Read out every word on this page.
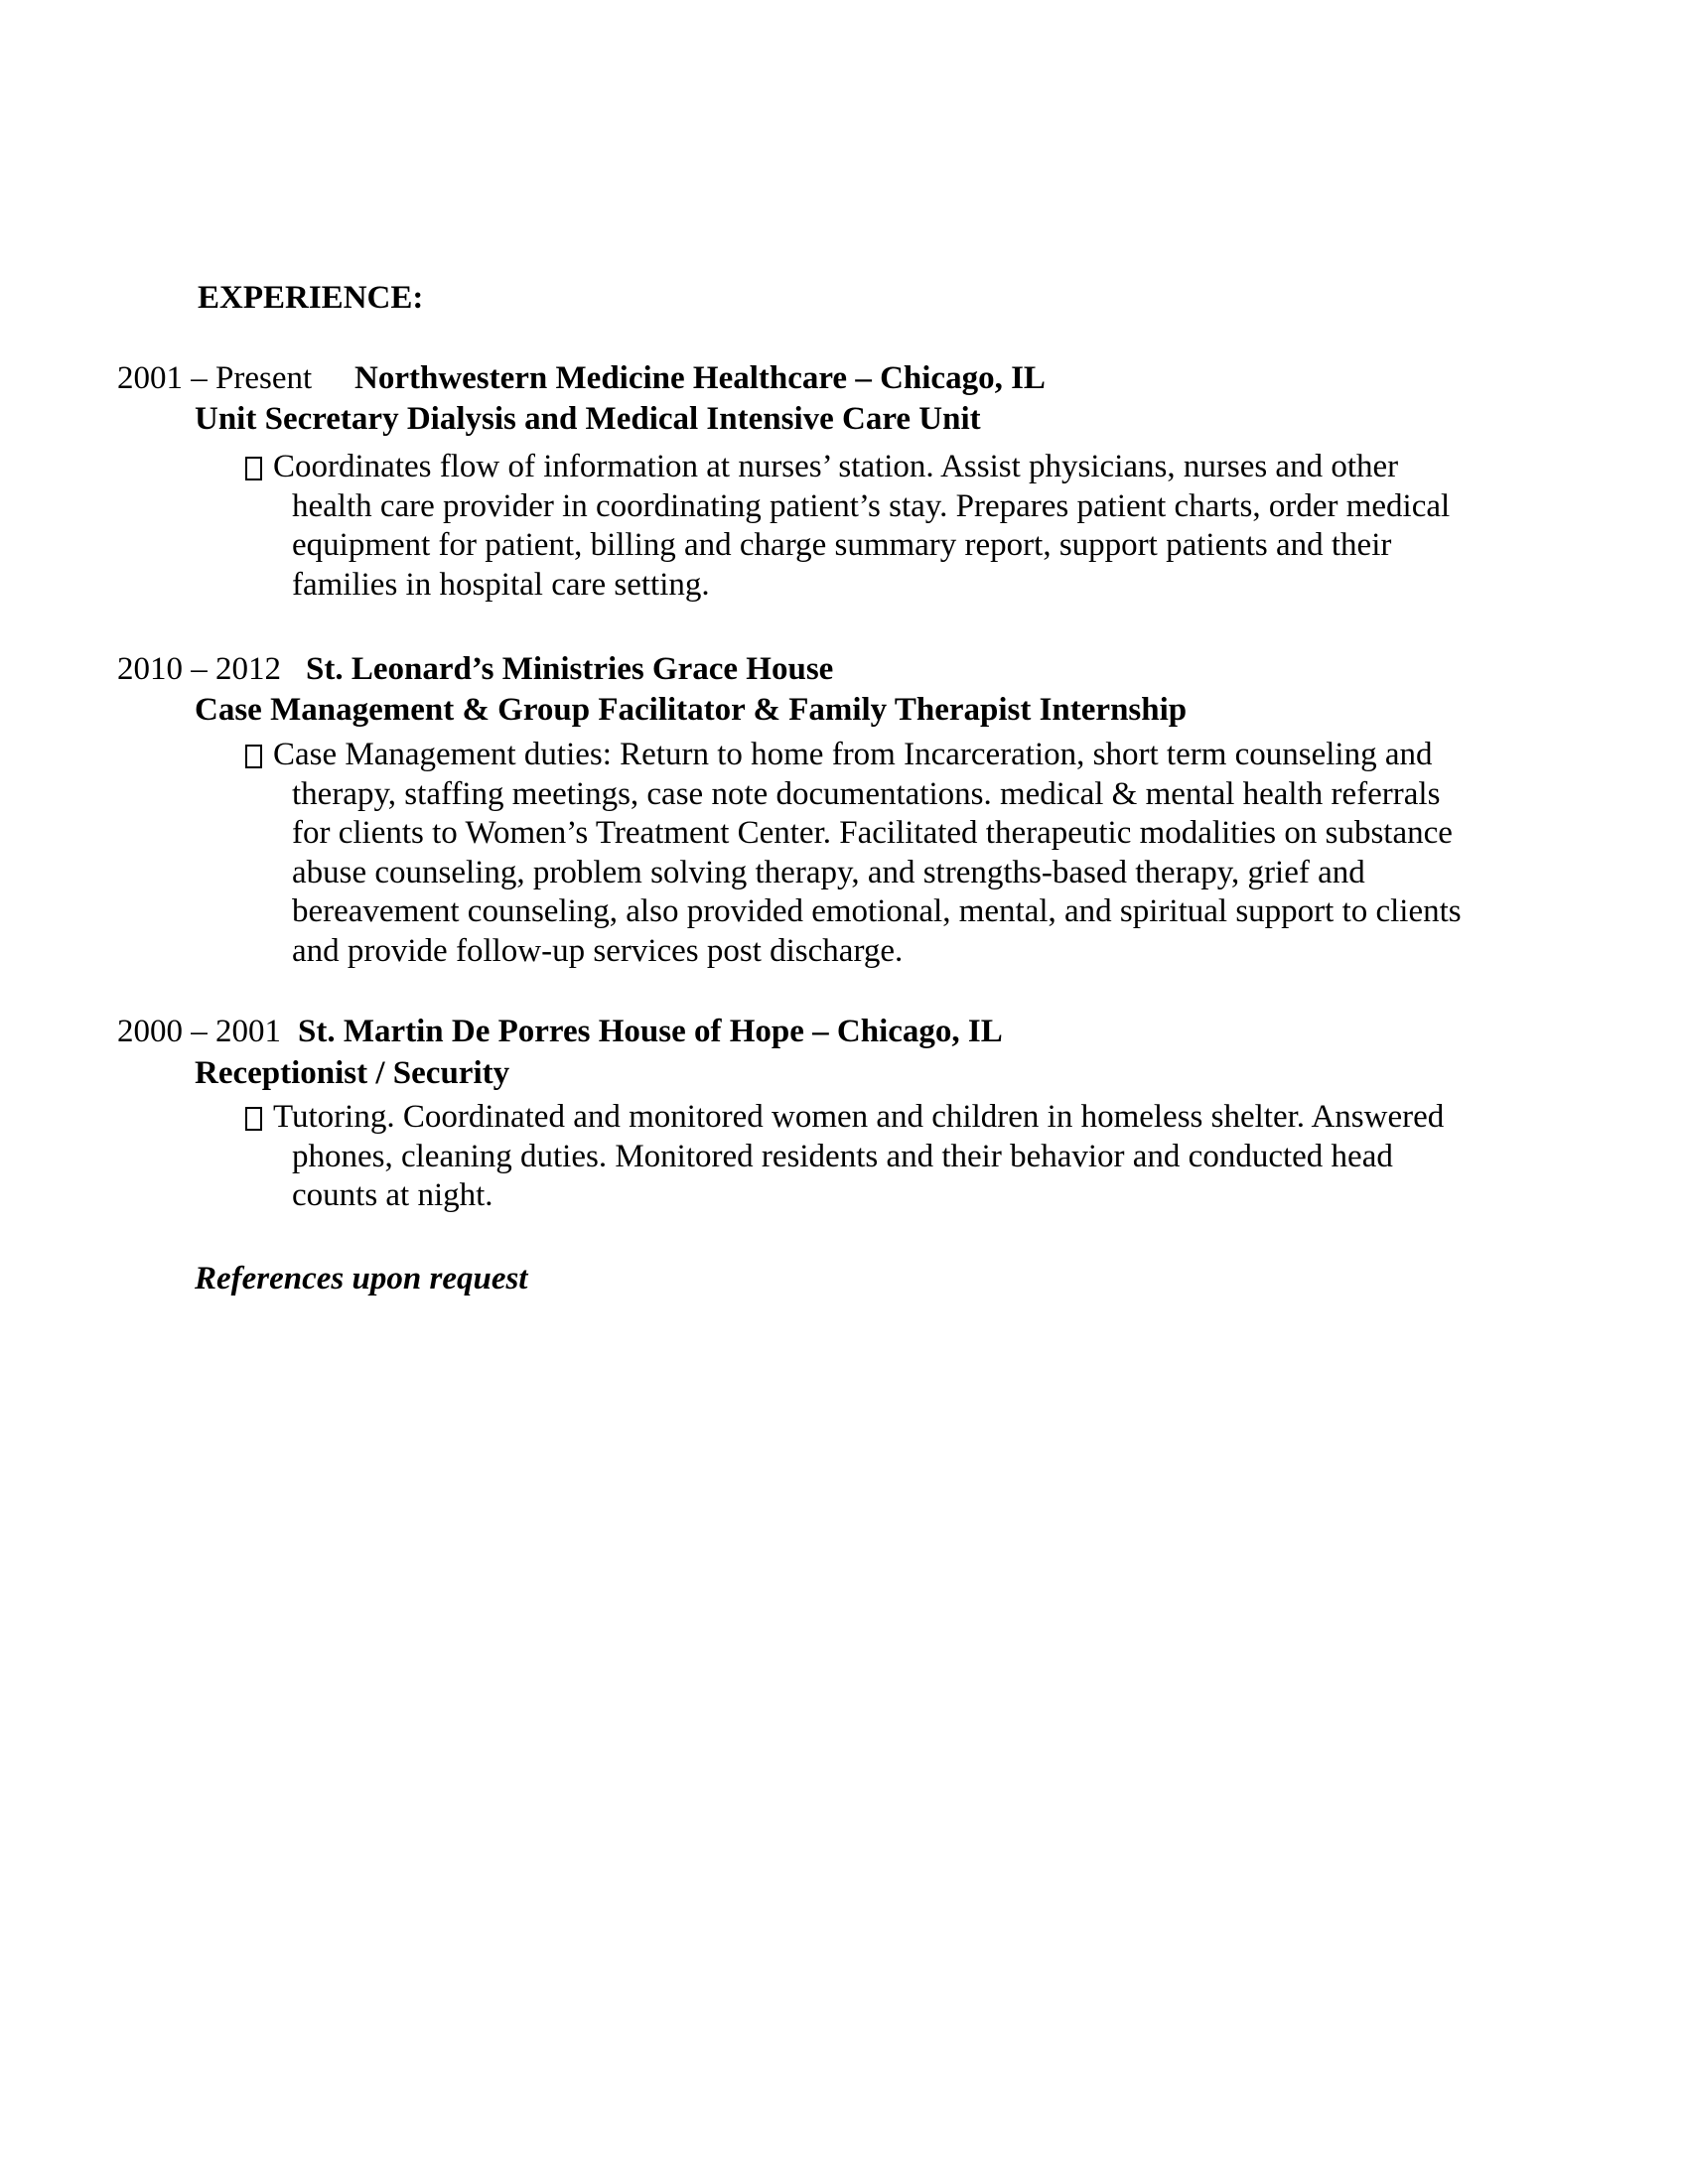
EXPERIENCE:
2001 – Present Northwestern Medicine Healthcare – Chicago, IL
Unit Secretary Dialysis and Medical Intensive Care Unit
Coordinates flow of information at nurses’ station. Assist physicians, nurses and other
health care provider in coordinating patient’s stay. Prepares patient charts, order medical
equipment for patient, billing and charge summary report, support patients and their
families in hospital care setting.
2010 – 2012 St. Leonard’s Ministries Grace House
Case Management & Group Facilitator & Family Therapist Internship
Case Management duties: Return to home from Incarceration, short term counseling and
therapy, staffing meetings, case note documentations. medical & mental health referrals
for clients to Women’s Treatment Center. Facilitated therapeutic modalities on substance
abuse counseling, problem solving therapy, and strengths-based therapy, grief and
bereavement counseling, also provided emotional, mental, and spiritual support to clients
and provide follow-up services post discharge.
2000 – 2001 St. Martin De Porres House of Hope – Chicago, IL
Receptionist / Security
Tutoring. Coordinated and monitored women and children in homeless shelter. Answered
phones, cleaning duties. Monitored residents and their behavior and conducted head
counts at night.
References upon request
